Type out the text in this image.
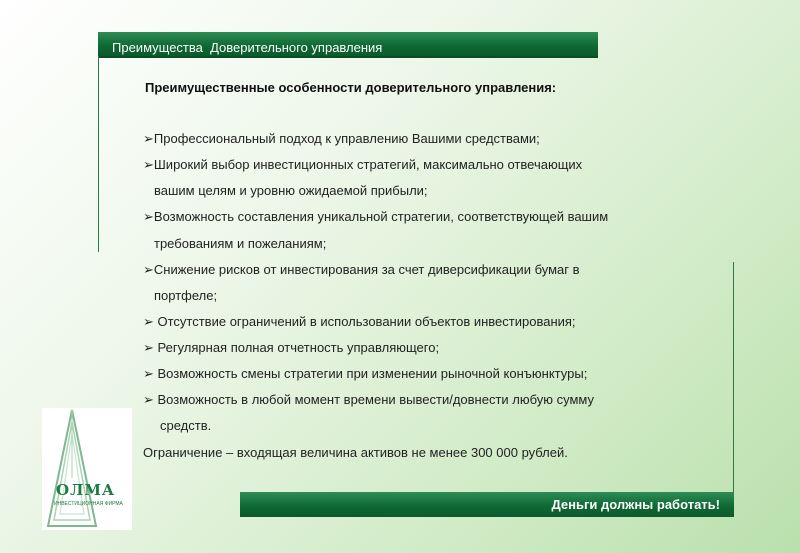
Преимущества  Доверительного управления
Преимущественные особенности доверительного управления:
➢Профессиональный подход к управлению Вашими средствами;
➢Широкий выбор инвестиционных стратегий, максимально отвечающих
вашим целям и уровню ожидаемой прибыли;
➢Возможность составления уникальной стратегии, соответствующей вашим
требованиям и пожеланиям;
➢Снижение рисков от инвестирования за счет диверсификации бумаг в
портфеле;
➢ Отсутствие ограничений в использовании объектов инвестирования;
➢ Регулярная полная отчетность управляющего;
➢ Возможность смены стратегии при изменении рыночной конъюнктуры;
➢ Возможность в любой момент времени вывести/довнести любую сумму
средств.
Ограничение – входящая величина активов не менее 300 000 рублей.
Деньги должны работать!
ОЛМА
ИНВЕСТИЦИОННАЯ ФИРМА
